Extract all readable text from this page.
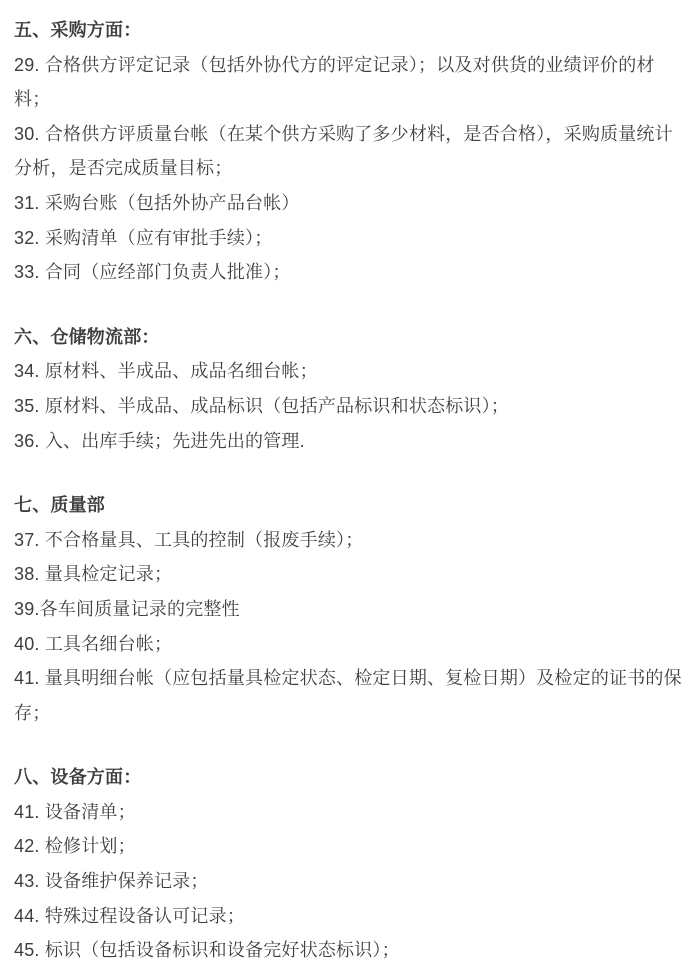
五、采购方面：

29. 合格供方评定记录（包括外协代方的评定记录）；以及对供货的业绩评价的材料；

30. 合格供方评质量台帐（在某个供方采购了多少材料，是否合格），采购质量统计分析，是否完成质量目标；

31. 采购台账（包括外协产品台帐）

32. 采购清单（应有审批手续）；

33. 合同（应经部门负责人批准）；

六、仓储物流部：

34. 原材料、半成品、成品名细台帐；

35. 原材料、半成品、成品标识（包括产品标识和状态标识）；

36. 入、出库手续；先进先出的管理.

七、质量部

37. 不合格量具、工具的控制（报废手续）；

38. 量具检定记录；

39.各车间质量记录的完整性

40. 工具名细台帐；

41. 量具明细台帐（应包括量具检定状态、检定日期、复检日期）及检定的证书的保存；

八、设备方面：

41. 设备清单；

42. 检修计划；

43. 设备维护保养记录；

44. 特殊过程设备认可记录；

45. 标识（包括设备标识和设备完好状态标识）；
